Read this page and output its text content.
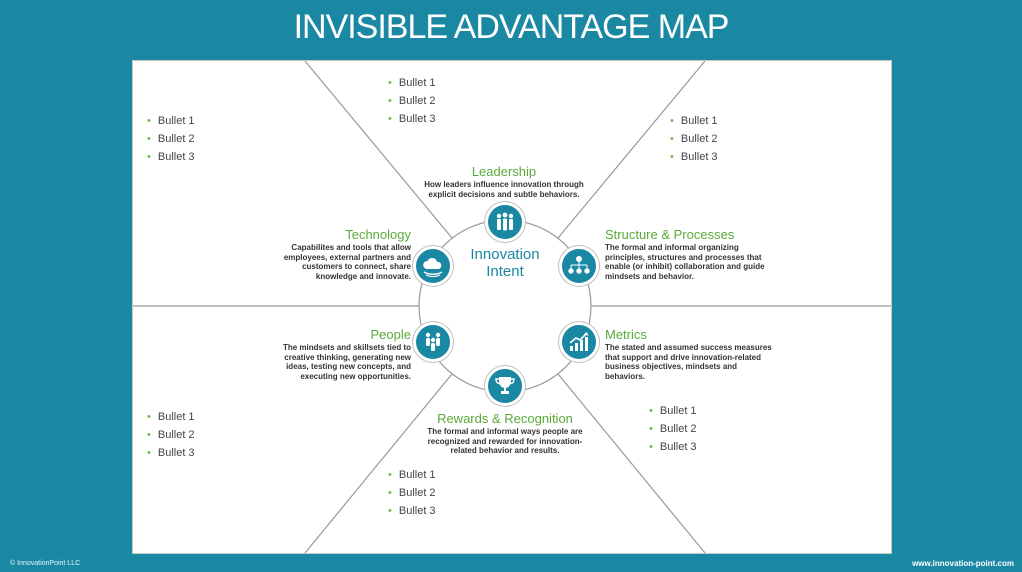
INVISIBLE ADVANTAGE MAP
• Bullet 1
• Bullet 2
• Bullet 3
• Bullet 1
• Bullet 2
• Bullet 3
•	Bullet 1
• Bullet 2
• Bullet 3
• Bullet 1
• Bullet 2
• Bullet 3
• Bullet 1
• Bullet 2
• Bullet 3
• Bullet 1
• Bullet 2
• Bullet 3
Leadership
How leaders influence innovation through explicit decisions and subtle behaviors.
Structure & Processes
The formal and informal organizing principles, structures and processes that enable (or inhibit) collaboration and guide mindsets and behavior.
Metrics
The stated and assumed success measures that support and drive innovation-related business objectives, mindsets and behaviors.
Rewards & Recognition
The formal and informal ways people are recognized and rewarded for innovation-related behavior and results.
People
The mindsets and skillsets tied to creative thinking, generating new ideas, testing new concepts, and executing new opportunities.
Technology
Capabilites and tools that allow employees, external partners and customers to connect, share knowledge and innovate.
Innovation
Intent
© InnovationPoint LLC	www.innovation-point.com
